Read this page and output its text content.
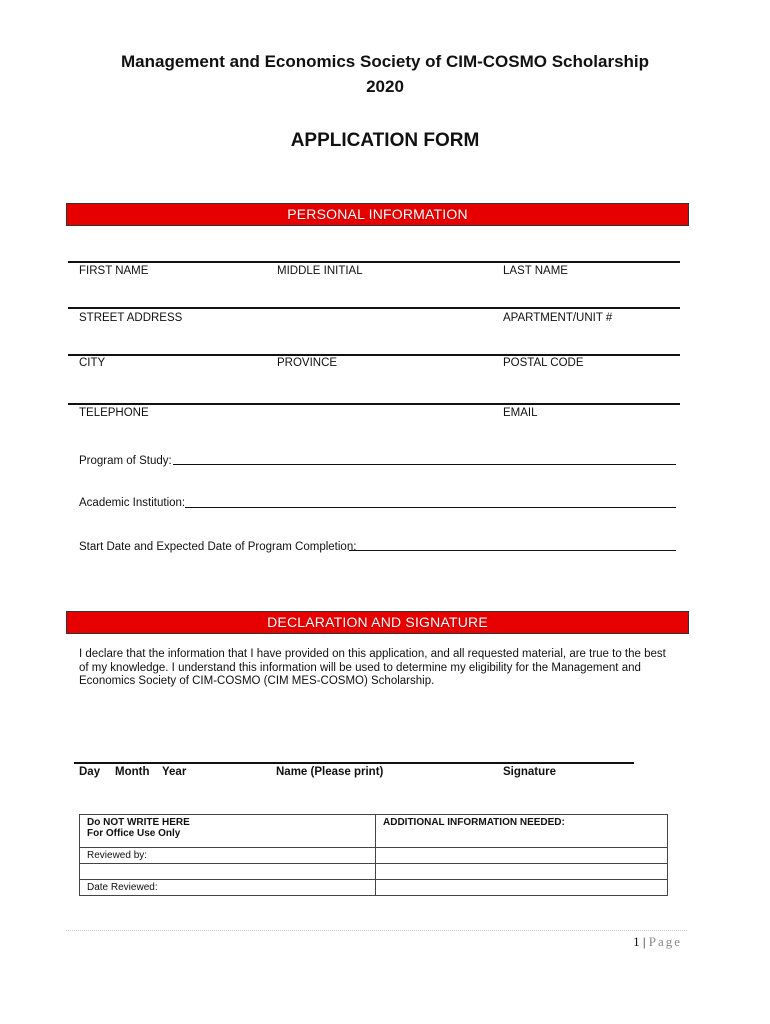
Management and Economics Society of CIM-COSMO Scholarship
2020
APPLICATION FORM
PERSONAL INFORMATION
FIRST NAME	MIDDLE INITIAL	LAST NAME
STREET ADDRESS	APARTMENT/UNIT #
CITY	PROVINCE	POSTAL CODE
TELEPHONE	EMAIL
Program of Study:
Academic Institution:
Start Date and Expected Date of Program Completion:
DECLARATION AND SIGNATURE
I declare that the information that I have provided on this application, and all requested material, are true to the best of my knowledge. I understand this information will be used to determine my eligibility for the Management and Economics Society of CIM-COSMO (CIM MES-COSMO) Scholarship.
Day Month Year	Name (Please print)	Signature
Do NOT WRITE HERE
For Office Use Only	ADDITIONAL INFORMATION NEEDED:
Reviewed by:	

Date Reviewed:	
1 | Page
